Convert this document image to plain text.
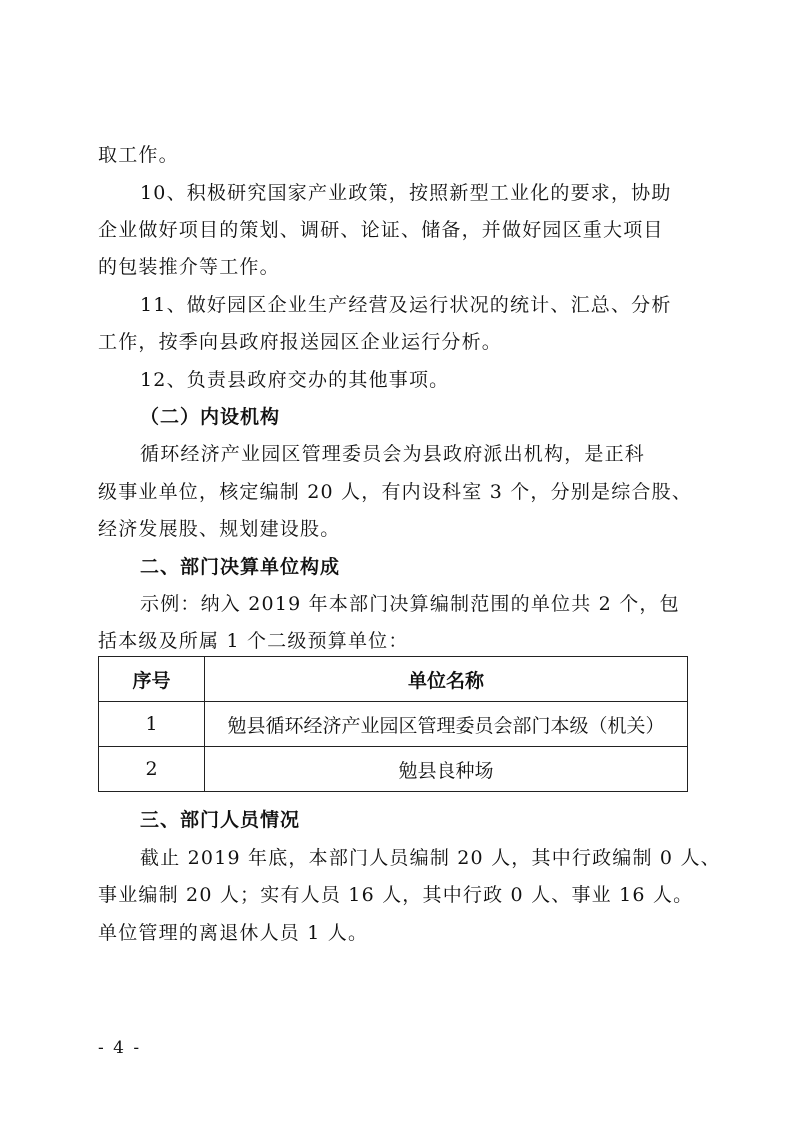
取工作。
10、积极研究国家产业政策，按照新型工业化的要求，协助
企业做好项目的策划、调研、论证、储备，并做好园区重大项目
的包装推介等工作。
11、做好园区企业生产经营及运行状况的统计、汇总、分析
工作，按季向县政府报送园区企业运行分析。
12、负责县政府交办的其他事项。
（二）内设机构
循环经济产业园区管理委员会为县政府派出机构，是正科
级事业单位，核定编制 20 人，有内设科室 3 个，分别是综合股、
经济发展股、规划建设股。
二、部门决算单位构成
示例：纳入 2019 年本部门决算编制范围的单位共 2 个，包
括本级及所属 1 个二级预算单位：
序号	单位名称
1	勉县循环经济产业园区管理委员会部门本级（机关）
2	勉县良种场
三、部门人员情况
截止 2019 年底，本部门人员编制 20 人，其中行政编制 0 人、
事业编制 20 人；实有人员 16 人，其中行政 0 人、事业 16 人。
单位管理的离退休人员 1 人。
- 4 -
